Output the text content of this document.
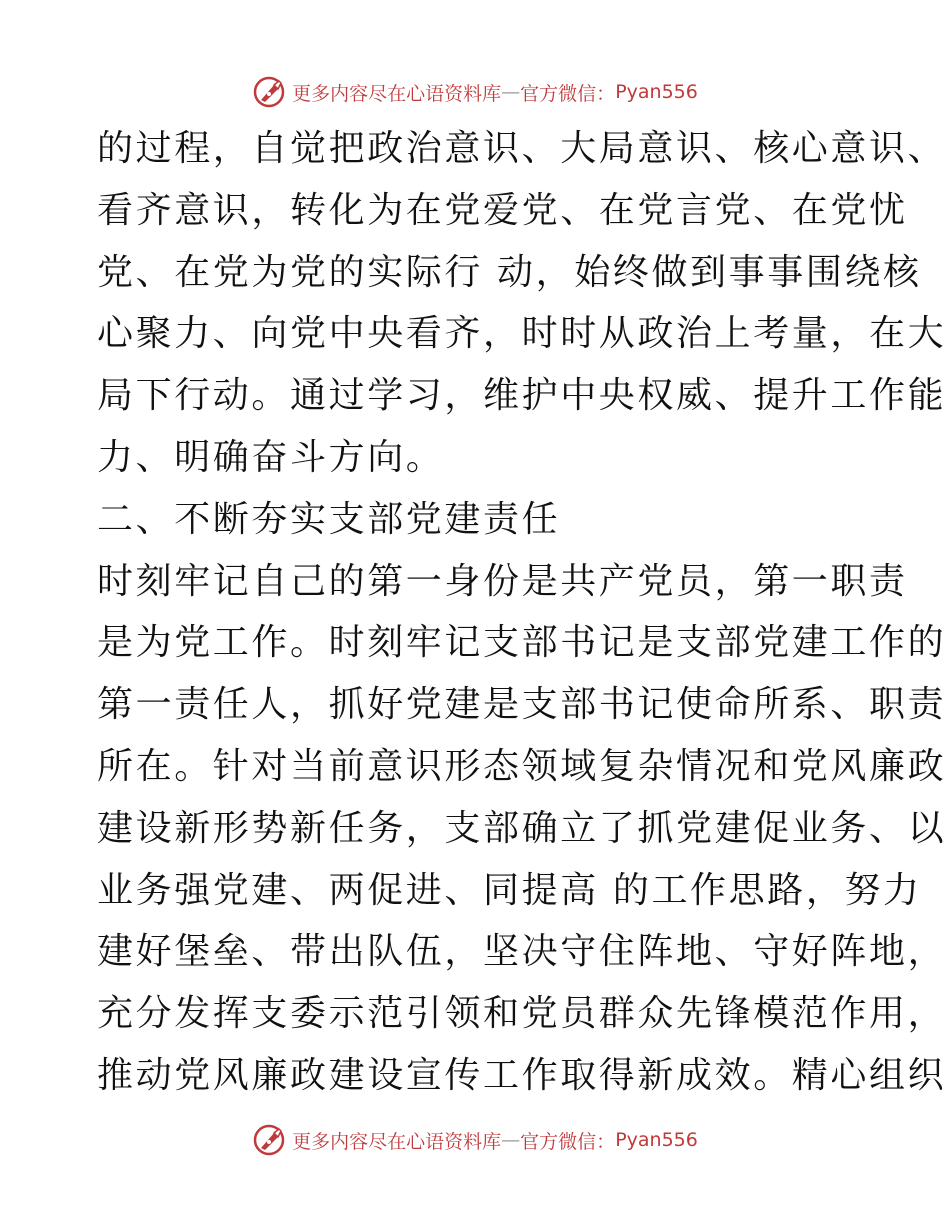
更多内容尽在心语资料库 — 官方微信： Pyan556
的过程，自觉把政治意识、大局意识、核心意识、
看齐意识，转化为在党爱党、在党言党、在党忧
党、在党为党的实际行 动，始终做到事事围绕核
心聚力、向党中央看齐，时时从政治上考量，在大
局下行动。通过学习，维护中央权威、提升工作能
力、明确奋斗方向。
二、不断夯实支部党建责任
时刻牢记自己的第一身份是共产党员，第一职责
是为党工作。时刻牢记支部书记是支部党建工作的
第一责任人，抓好党建是支部书记使命所系、职责
所在。针对当前意识形态领域复杂情况和党风廉政
建设新形势新任务，支部确立了抓党建促业务、以
业务强党建、两促进、同提高 的工作思路，努力
建好堡垒、带出队伍，坚决守住阵地、守好阵地，
充分发挥支委示范引领和党员群众先锋模范作用，
推动党风廉政建设宣传工作取得新成效。精心组织
更多内容尽在心语资料库 — 官方微信： Pyan556
